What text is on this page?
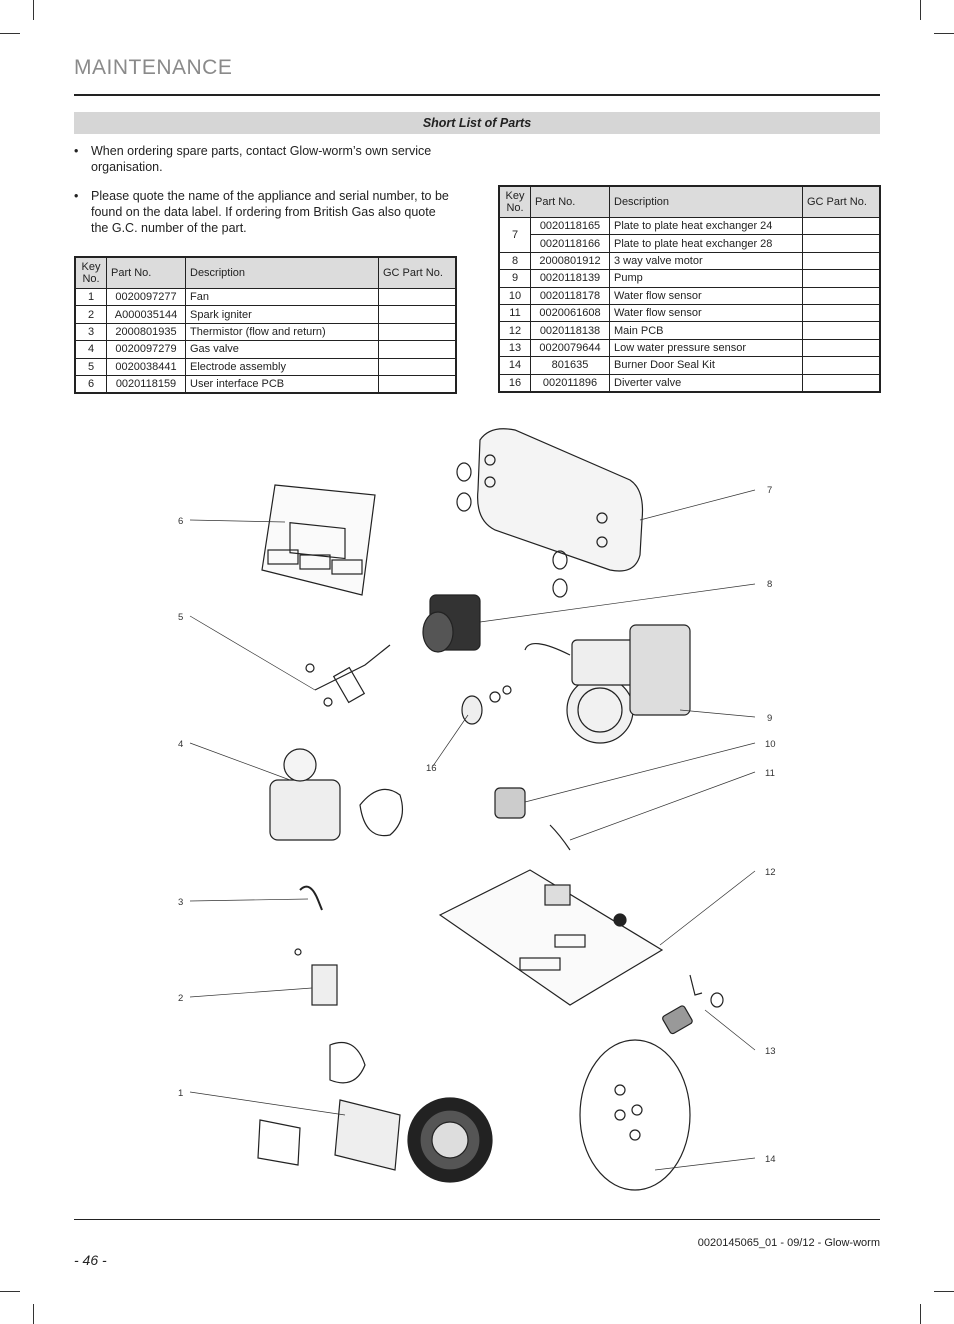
MAINTENANCE
Short List of Parts
• When ordering spare parts, contact Glow-worm’s own service organisation.
• Please quote the name of the appliance and serial number, to be found on the data label. If ordering from British Gas also quote the G.C. number of the part.
Key No.	Part No.	Description	GC Part No.
1	0020097277	Fan	
2	A000035144	Spark igniter	
3	2000801935	Thermistor (flow and return)	
4	0020097279	Gas valve	
5	0020038441	Electrode assembly	
6	0020118159	User interface PCB	
Key No.	Part No.	Description	GC Part No.
7	0020118165	Plate to plate heat exchanger 24	
	0020118166	Plate to plate heat exchanger 28	
8	2000801912	3 way valve motor	
9	0020118139	Pump	
10	0020118178	Water flow sensor	
11	0020061608	Water flow sensor	
12	0020118138	Main PCB	
13	0020079644	Low water pressure sensor	
14	801635	Burner Door Seal Kit	
16	002011896	Diverter valve	
6
5
4
3
2
1
7
8
9
10
11
12
13
14
16
0020145065_01 - 09/12 - Glow-worm
- 46 -
